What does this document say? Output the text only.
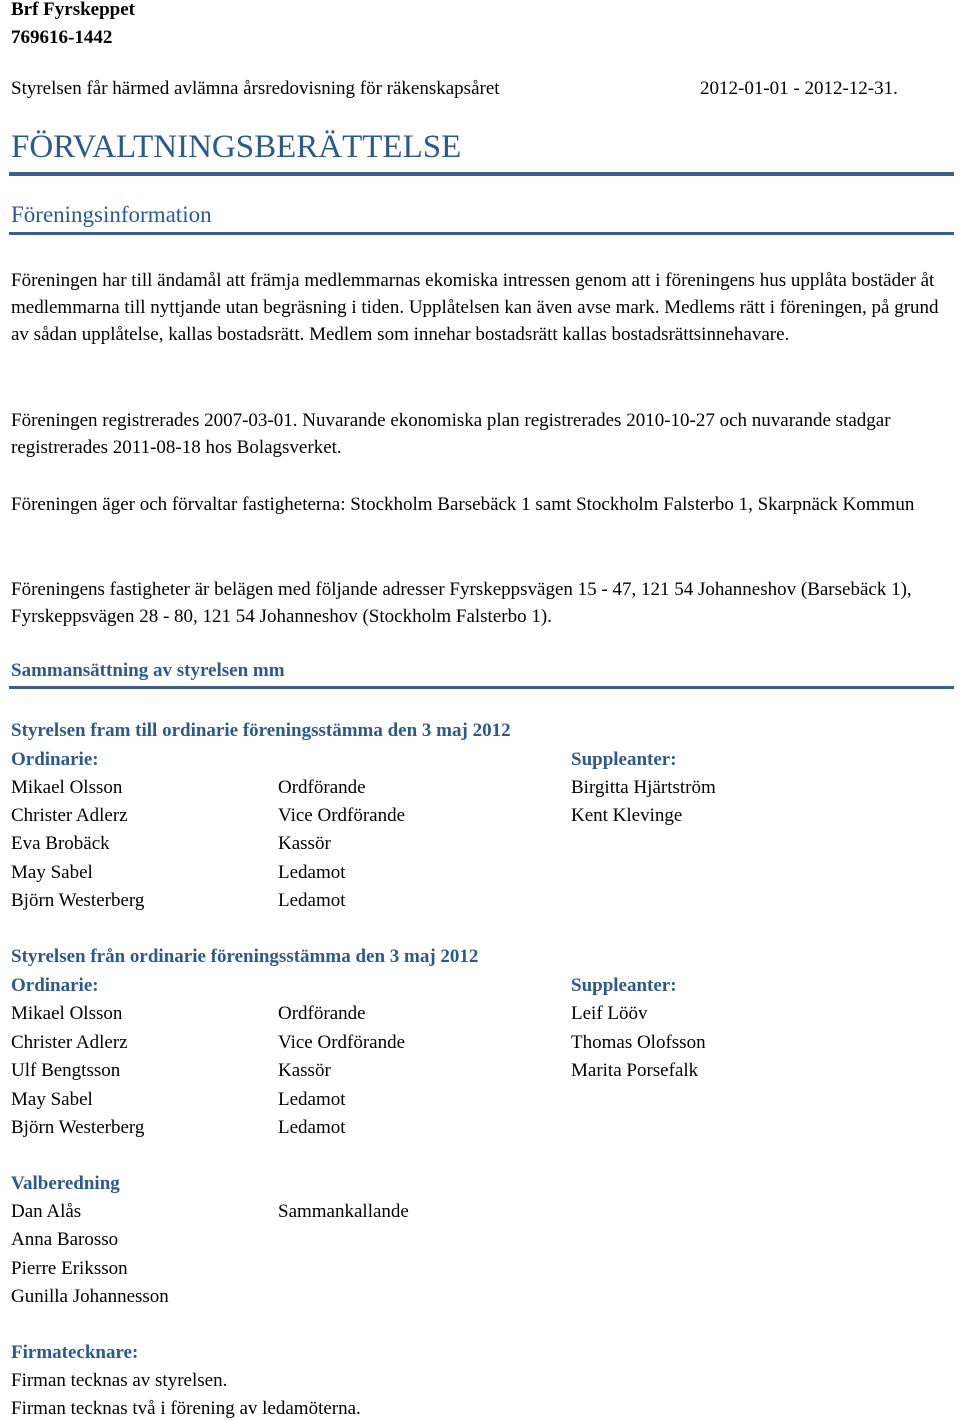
Brf Fyrskeppet
769616-1442
Styrelsen får härmed avlämna årsredovisning för räkenskapsåret	2012-01-01 - 2012-12-31.
FÖRVALTNINGSBERÄTTELSE
Föreningsinformation
Föreningen har till ändamål att främja medlemmarnas ekomiska intressen genom att i föreningens hus upplåta bostäder åt medlemmarna till nyttjande utan begräsning i tiden. Upplåtelsen kan även avse mark. Medlems rätt i föreningen, på grund av sådan upplåtelse, kallas bostadsrätt. Medlem som innehar bostadsrätt kallas bostadsrättsinnehavare.
Föreningen registrerades 2007-03-01. Nuvarande ekonomiska plan registrerades 2010-10-27 och nuvarande stadgar registrerades 2011-08-18 hos Bolagsverket.
Föreningen äger och förvaltar fastigheterna: Stockholm Barsebäck 1 samt Stockholm Falsterbo 1, Skarpnäck Kommun
Föreningens fastigheter är belägen med följande adresser Fyrskeppsvägen 15 - 47, 121 54 Johanneshov (Barsebäck 1), Fyrskeppsvägen 28 - 80, 121 54 Johanneshov (Stockholm Falsterbo 1).
Sammansättning av styrelsen mm
Styrelsen fram till ordinarie föreningsstämma den 3 maj 2012
Ordinarie:	Suppleanter:
Mikael Olsson	Ordförande	Birgitta Hjärtström
Christer Adlerz	Vice Ordförande	Kent Klevinge
Eva Brobäck	Kassör
May Sabel	Ledamot
Björn Westerberg	Ledamot
Styrelsen från ordinarie föreningsstämma den 3 maj 2012
Ordinarie:	Suppleanter:
Mikael Olsson	Ordförande	Leif Lööv
Christer Adlerz	Vice Ordförande	Thomas Olofsson
Ulf Bengtsson	Kassör	Marita Porsefalk
May Sabel	Ledamot
Björn Westerberg	Ledamot
Valberedning
Dan Alås	Sammankallande
Anna Barosso
Pierre Eriksson
Gunilla Johannesson
Firmatecknare:
Firman tecknas av styrelsen.
Firman tecknas två i förening av ledamöterna.
